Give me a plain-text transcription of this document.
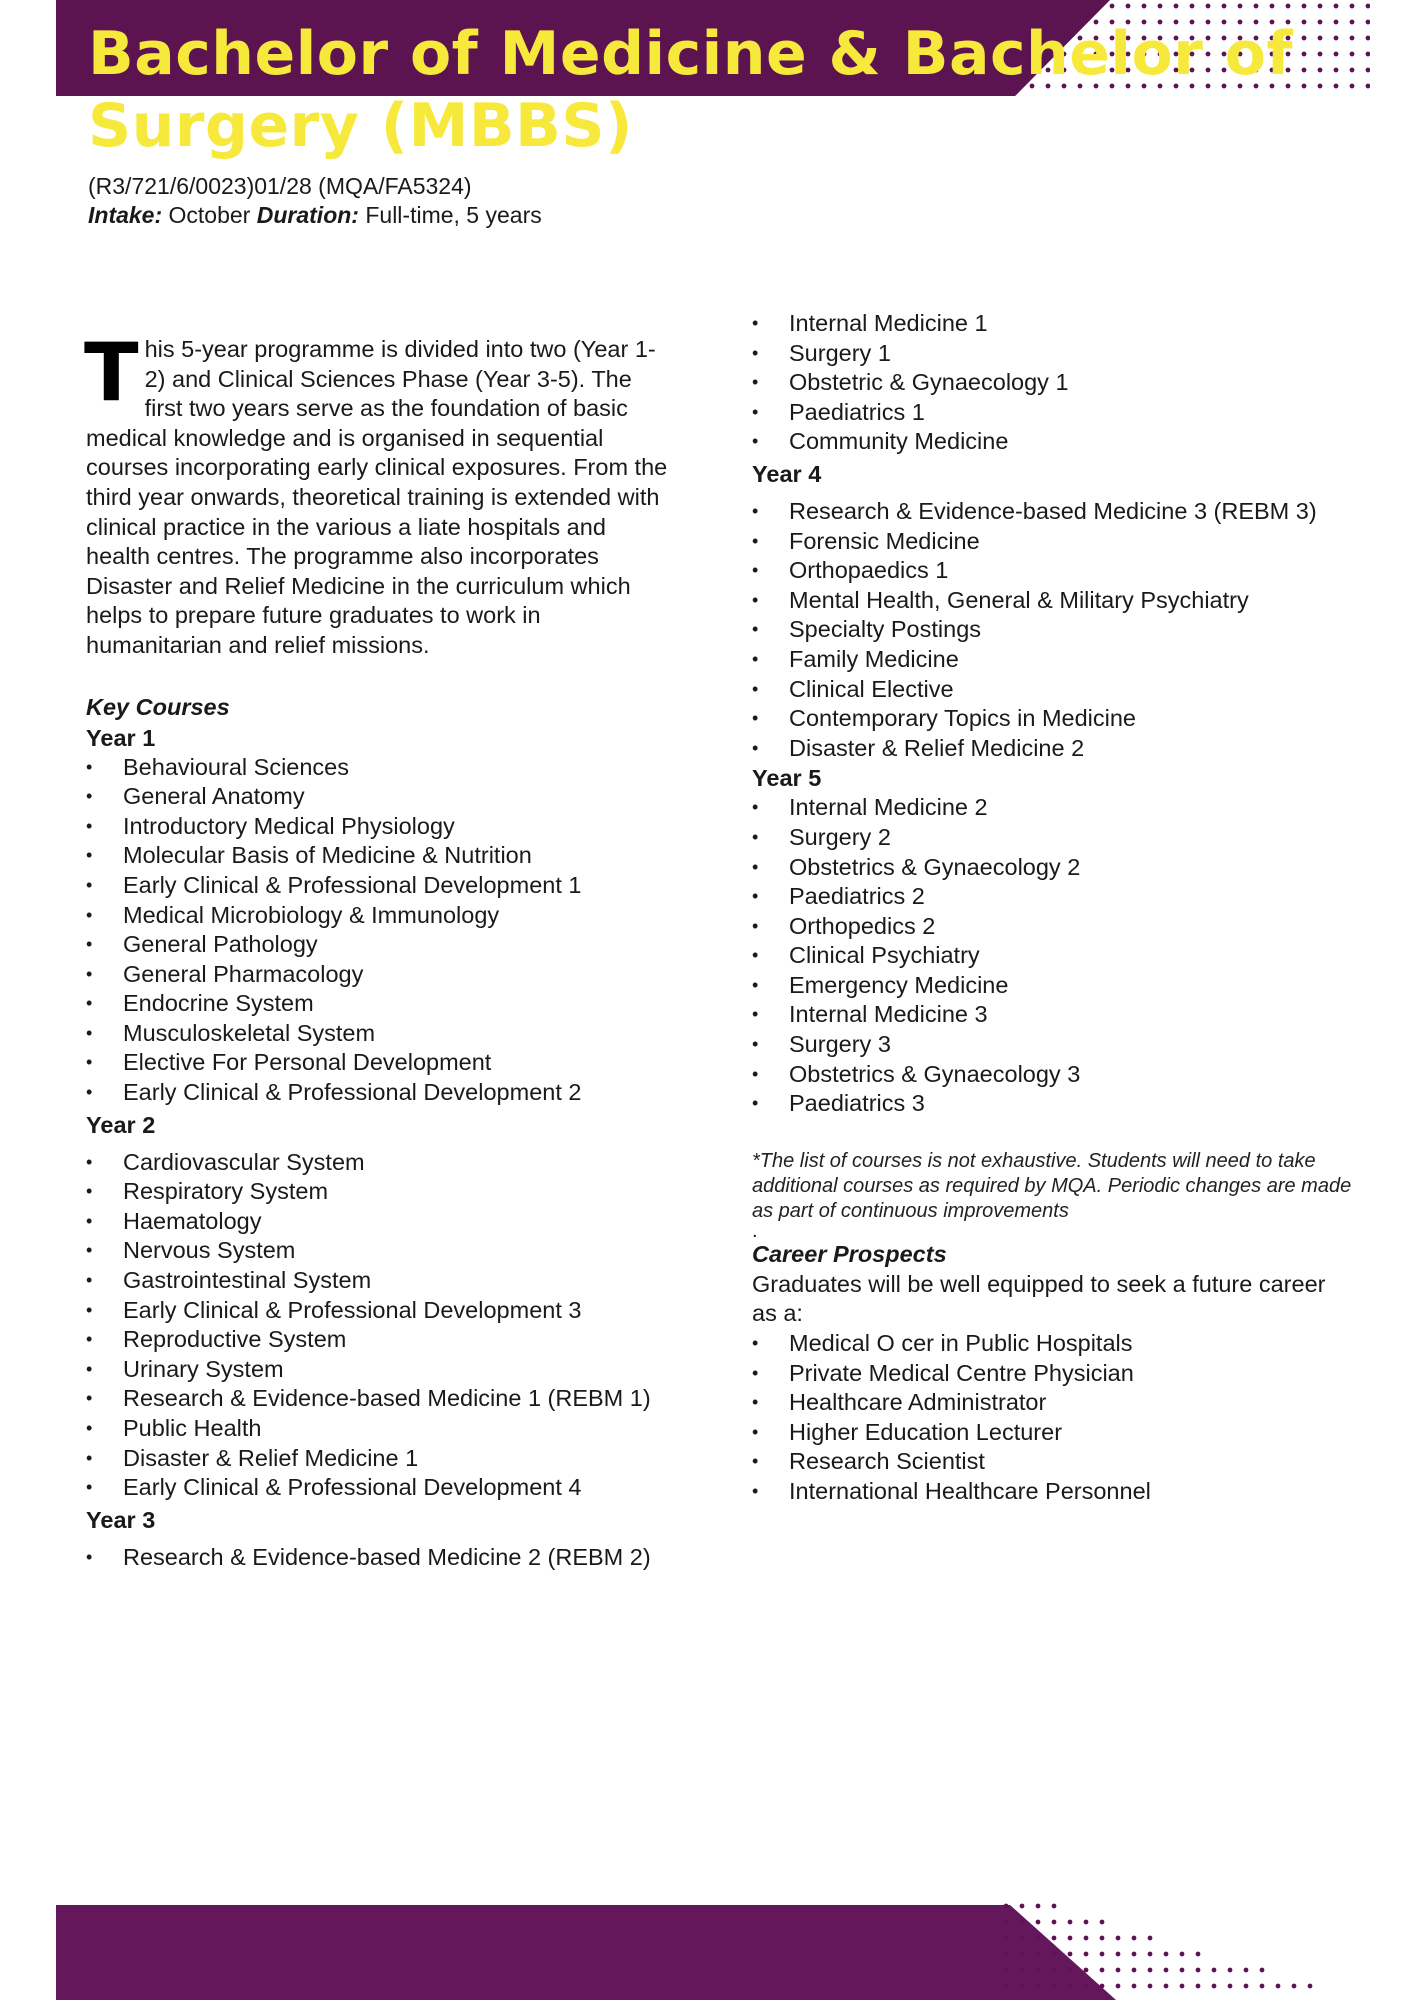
Bachelor of Medicine & Bachelor of Surgery (MBBS)
(R3/721/6/0023)01/28 (MQA/FA5324)
Intake: October Duration: Full-time, 5 years

This 5-year programme is divided into two (Year 1-2) and Clinical Sciences Phase (Year 3-5). The first two years serve as the foundation of basic medical knowledge and is organised in sequential courses incorporating early clinical exposures. From the third year onwards, theoretical training is extended with clinical practice in the various a liate hospitals and health centres. The programme also incorporates Disaster and Relief Medicine in the curriculum which helps to prepare future graduates to work in humanitarian and relief missions.

Key Courses

Year 1

• Behavioural Sciences
• General Anatomy
• Introductory Medical Physiology
• Molecular Basis of Medicine & Nutrition
• Early Clinical & Professional Development 1
• Medical Microbiology & Immunology
• General Pathology
• General Pharmacology
• Endocrine System
• Musculoskeletal System
• Elective For Personal Development
• Early Clinical & Professional Development 2

Year 2

• Cardiovascular System
• Respiratory System
• Haematology
• Nervous System
• Gastrointestinal System
• Early Clinical & Professional Development 3
• Reproductive System
• Urinary System
• Research & Evidence-based Medicine 1 (REBM 1)
• Public Health
• Disaster & Relief Medicine 1
• Early Clinical & Professional Development 4

Year 3

• Research & Evidence-based Medicine 2 (REBM 2)
• Internal Medicine 1
• Surgery 1
• Obstetric & Gynaecology 1
• Paediatrics 1
• Community Medicine

Year 4

• Research & Evidence-based Medicine 3 (REBM 3)
• Forensic Medicine
• Orthopaedics 1
• Mental Health, General & Military Psychiatry
• Specialty Postings
• Family Medicine
• Clinical Elective
• Contemporary Topics in Medicine
• Disaster & Relief Medicine 2

Year 5

• Internal Medicine 2
• Surgery 2
• Obstetrics & Gynaecology 2
• Paediatrics 2
• Orthopedics 2
• Clinical Psychiatry
• Emergency Medicine
• Internal Medicine 3
• Surgery 3
• Obstetrics & Gynaecology 3
• Paediatrics 3

*The list of courses is not exhaustive. Students will need to take additional courses as required by MQA. Periodic changes are made as part of continuous improvements

.

Career Prospects

Graduates will be well equipped to seek a future career as a:

• Medical O cer in Public Hospitals
• Private Medical Centre Physician
• Healthcare Administrator
• Higher Education Lecturer
• Research Scientist
• International Healthcare Personnel
